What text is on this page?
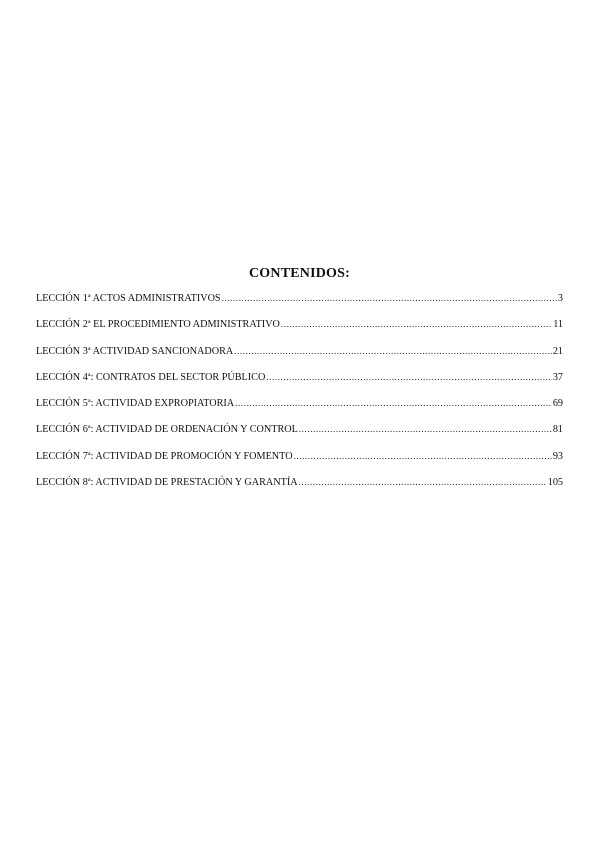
CONTENIDOS:
LECCIÓN 1ª ACTOS ADMINISTRATIVOS .....	3
LECCIÓN 2ª EL PROCEDIMIENTO ADMINISTRATIVO .....	11
LECCIÓN 3ª ACTIVIDAD SANCIONADORA .....	21
LECCIÓN 4ª: CONTRATOS DEL SECTOR PÚBLICO .....	37
LECCIÓN 5ª: ACTIVIDAD EXPROPIATORIA .....	69
LECCIÓN 6ª: ACTIVIDAD DE ORDENACIÓN Y CONTROL .....	81
LECCIÓN 7ª: ACTIVIDAD DE PROMOCIÓN Y FOMENTO .....	93
LECCIÓN 8ª: ACTIVIDAD DE PRESTACIÓN Y GARANTÍA .....	105
